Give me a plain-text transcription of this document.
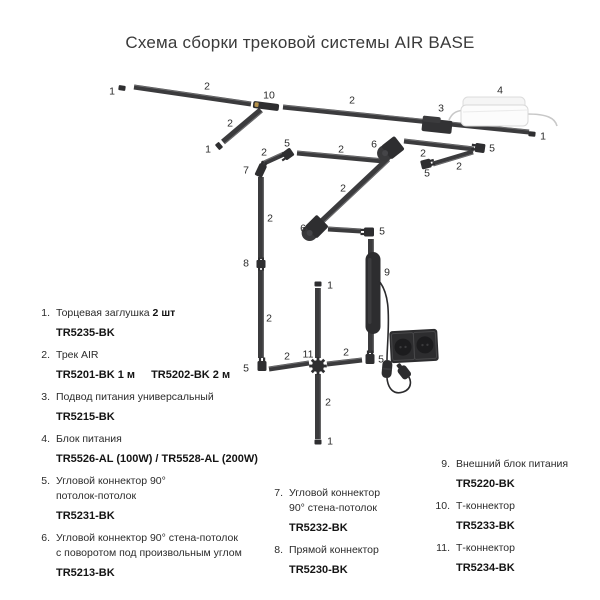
Схема сборки трековой системы AIR BASE
1	2
10	2
3
4
1
2
1	5
2
7
2	6
2	5
2
5
2
6
2
5
9
8
2
1
5
2 11	2
5
2
1
1. Торцевая заглушка 2 шт
TR5235-BK
2. Трек AIR
TR5201-BK 1 м TR5202-BK 2 м
3. Подвод питания универсальный
TR5215-BK
4. Блок питания
TR5526-AL (100W) / TR5528-AL (200W)
5. Угловой коннектор 90°
потолок-потолок
TR5231-BK
6. Угловой коннектор 90° стена-потолок
с поворотом под произвольным углом
TR5213-BK
7. Угловой коннектор
90° стена-потолок
TR5232-BK
8. Прямой коннектор
TR5230-BK
9. Внешний блок питания
TR5220-BK
10. Т-коннектор
TR5233-BK
11. Т-коннектор
TR5234-BK
